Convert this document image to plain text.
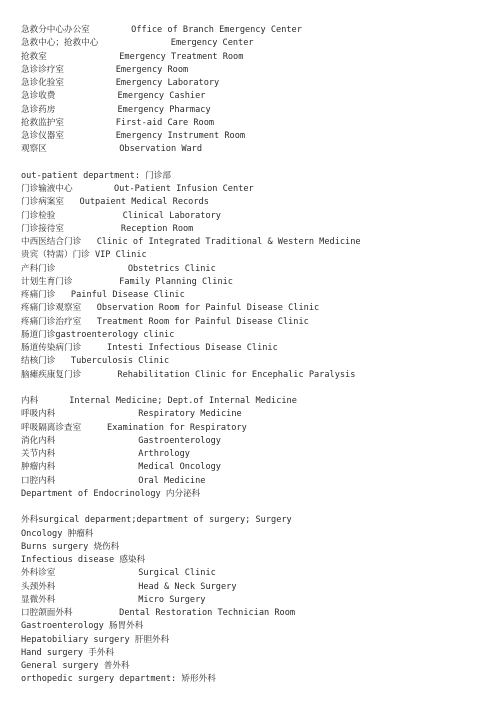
急救分中心办公室	Office of Branch Emergency Center
急救中心；抢救中心	Emergency Center
抢救室	Emergency Treatment Room
急诊诊疗室	Emergency Room
急诊化验室	Emergency Laboratory
急诊收费	Emergency Cashier
急诊药房	Emergency Pharmacy
抢救监护室	First-aid Care Room
急诊仪器室	Emergency Instrument Room
观察区	Observation Ward
out-patient department: 门诊部
门诊输液中心	Out-Patient Infusion Center
门诊病案室 Outpaient Medical Records
门诊检验	Clinical Laboratory
门诊接待室	Reception Room
中西医结合门诊 Clinic of Integrated Traditional & Western Medicine
贵宾（特需）门诊 VIP Clinic
产科门诊	Obstetrics Clinic
计划生育门诊	Family Planning Clinic
疼痛门诊 Painful Disease Clinic
疼痛门诊观察室 Observation Room for Painful Disease Clinic
疼痛门诊治疗室 Treatment Room for Painful Disease Clinic
肠道门诊gastroenterology clinic
肠道传染病门诊	Intesti Infectious Disease Clinic
结核门诊 Tuberculosis Clinic
脑瘫疾康复门诊	Rehabilitation Clinic for Encephalic Paralysis
内科	Internal Medicine; Dept.of Internal Medicine
呼吸内科	Respiratory Medicine
呼吸隔离诊查室	Examination for Respiratory
消化内科	Gastroenterology
关节内科	Arthrology
肿瘤内科	Medical Oncology
口腔内科	Oral Medicine
Department of Endocrinology 内分泌科
外科surgical deparment;department of surgery; Surgery
Oncology 肿瘤科
Burns surgery 烧伤科
Infectious disease 感染科
外科诊室	Surgical Clinic
头颈外科	Head & Neck Surgery
显微外科	Micro Surgery
口腔颌面外科	Dental Restoration Technician Room
Gastroenterology 肠胃外科
Hepatobiliary surgery 肝胆外科
Hand surgery 手外科
General surgery 普外科
orthopedic surgery department: 矫形外科
